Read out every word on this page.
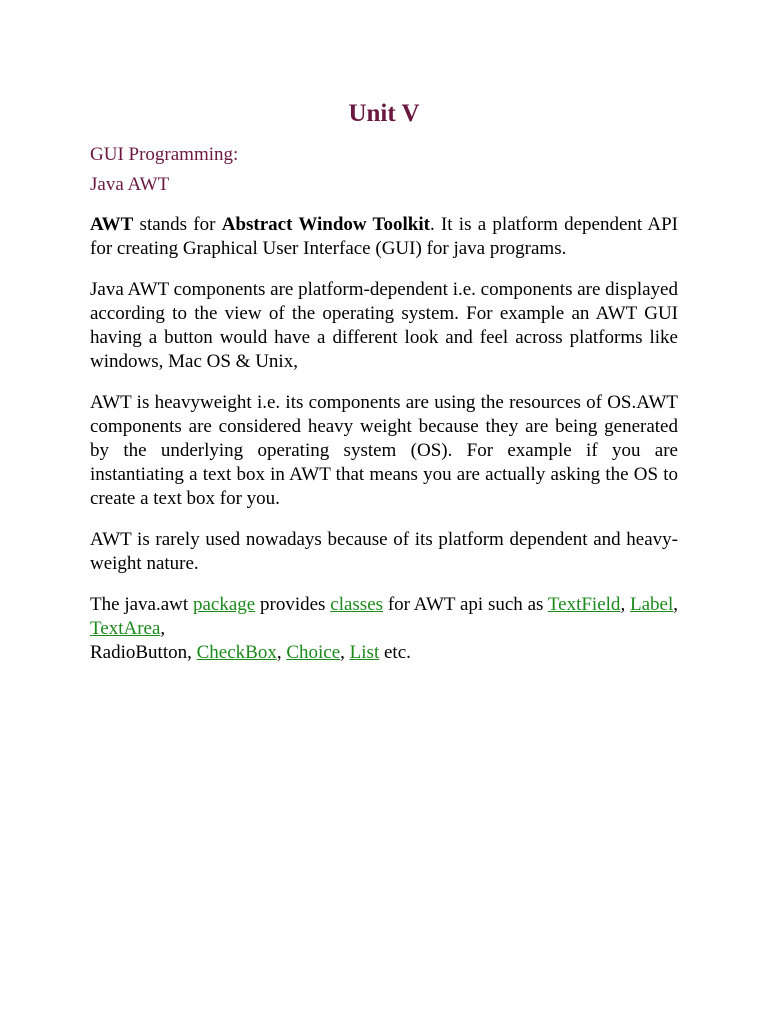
Unit V

GUI Programming:

Java AWT

AWT stands for Abstract Window Toolkit. It is a platform dependent API for creating Graphical User Interface (GUI) for java programs.

Java AWT components are platform-dependent i.e. components are displayed according to the view of the operating system. For example an AWT GUI having a button would have a different look and feel across platforms like windows, Mac OS & Unix,

AWT is heavyweight i.e. its components are using the resources of OS.AWT components are considered heavy weight because they are being generated by the underlying operating system (OS). For example if you are instantiating a text box in AWT that means you are actually asking the OS to create a text box for you.

AWT is rarely used nowadays because of its platform dependent and heavy-weight nature.

The java.awt package provides classes for AWT api such as TextField, Label, TextArea,
RadioButton, CheckBox, Choice, List etc.
